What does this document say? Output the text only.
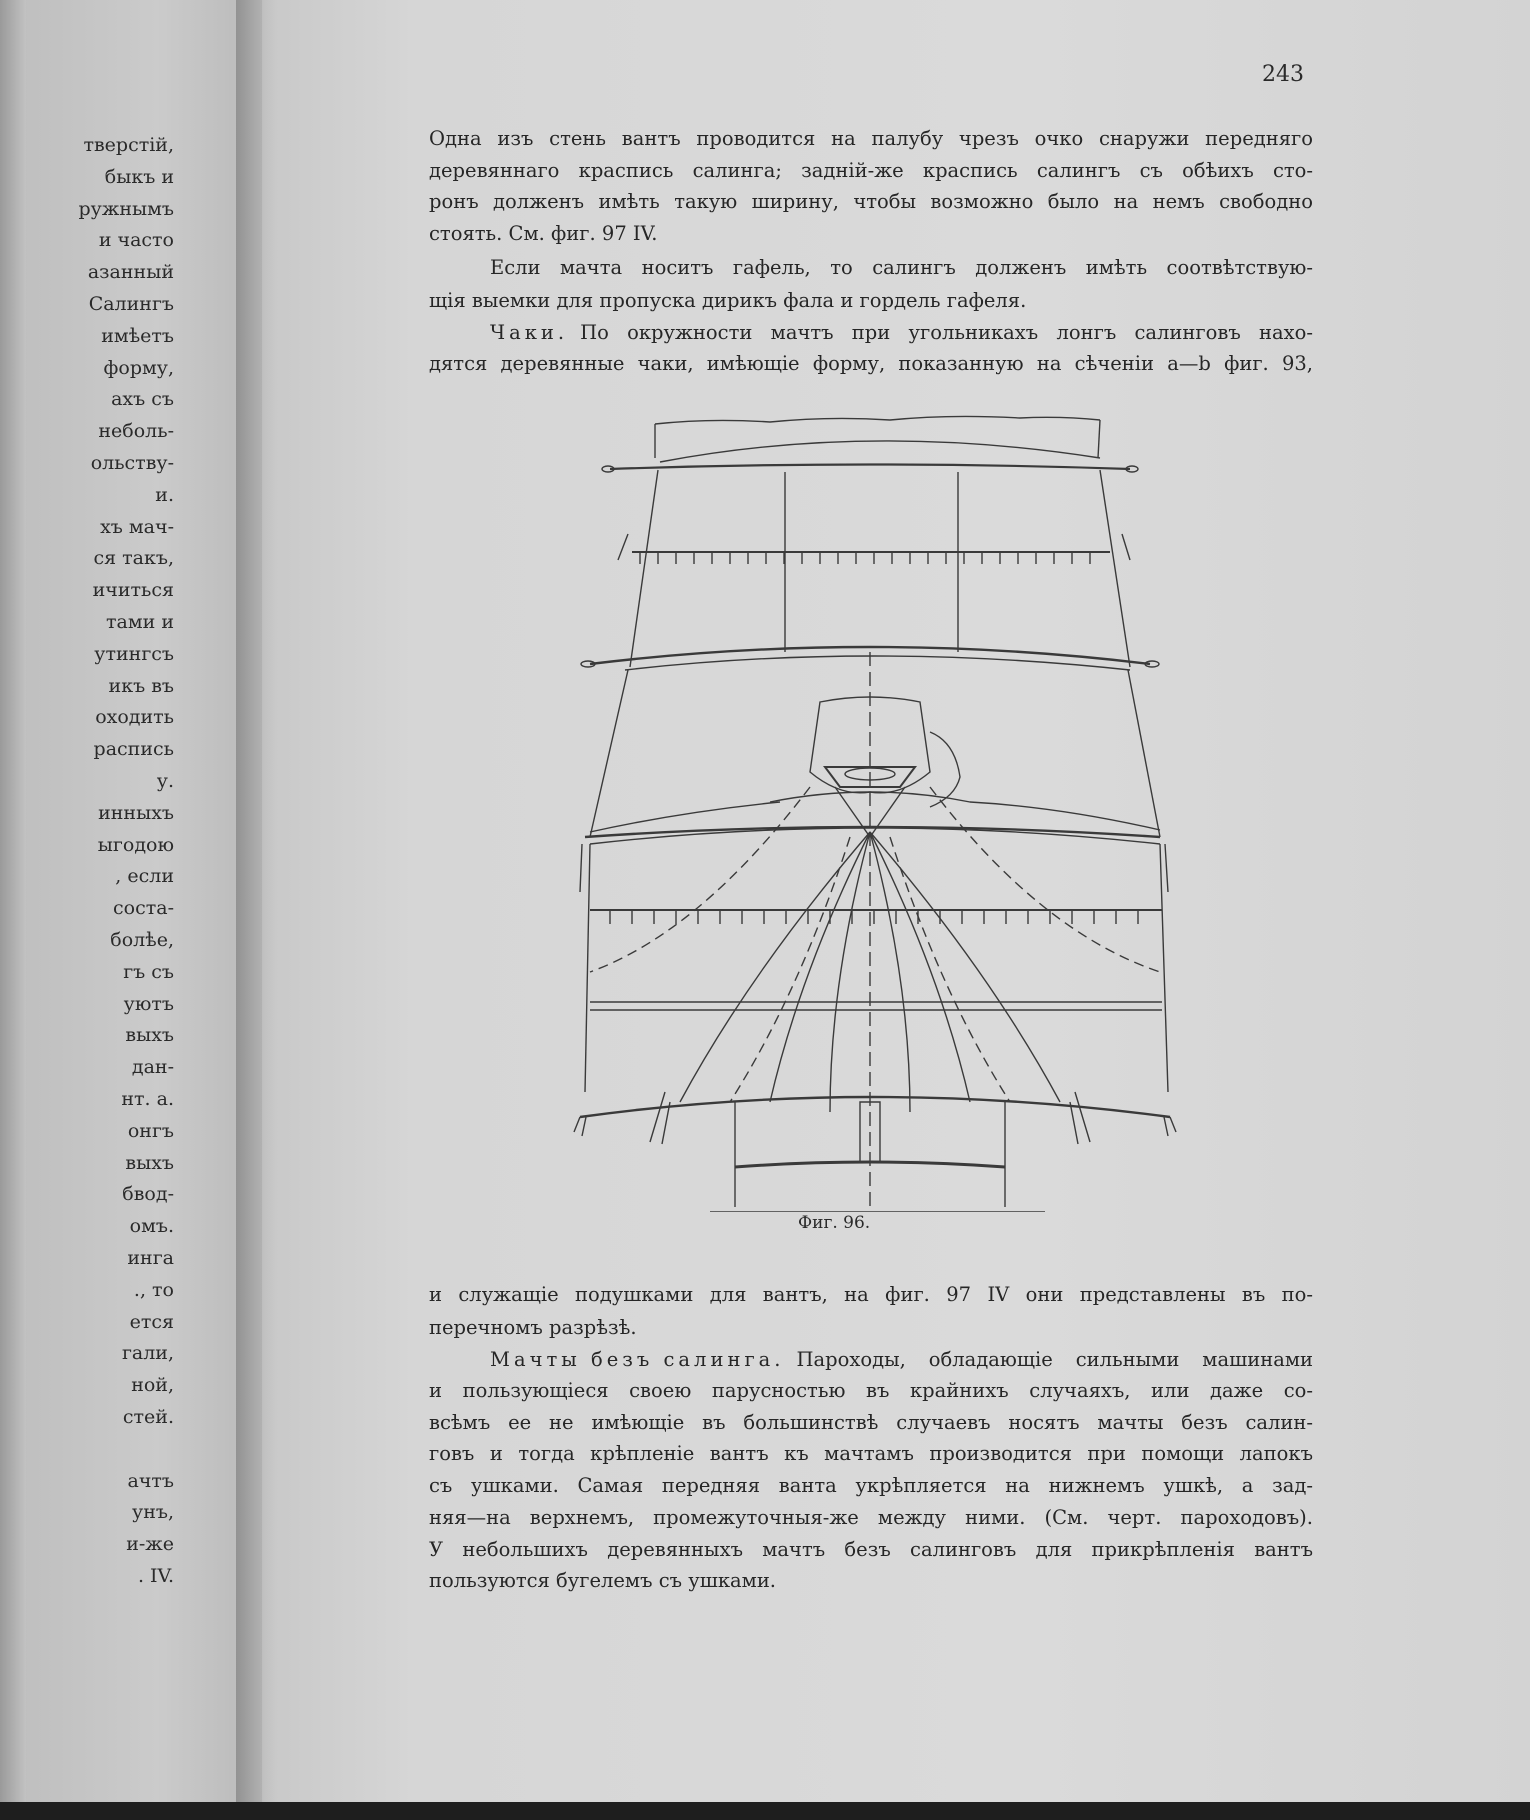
тверстій,
быкъ и
ружнымъ
и часто
азанный
Салингъ
имѣетъ
форму,
ахъ съ
неболь-
ольству-
и.
хъ мач-
ся такъ,
ичиться
тами и
утингсъ
икъ въ
оходить
распись
у.
инныхъ
ыгодою
, если
соста-
болѣе,
гъ съ
уютъ
выхъ
дан-
нт. a.
онгъ
выхъ
бвод-
омъ.
инга
., то
ется
гали,
ной,
стей.
ачтъ
унъ,
и-же
. IV.
243
Одна изъ стень вантъ проводится на палубу чрезъ очко снаружи передняго
деревяннаго краспись салинга; задній-же краспись салингъ съ обѣихъ сто-
ронъ долженъ имѣть такую ширину, чтобы возможно было на немъ свободно
стоять. См. фиг. 97 IV.
Если мачта носитъ гафель, то салингъ долженъ имѣть соотвѣтствую-
щія выемки для пропуска дирикъ фала и гордель гафеля.
Чаки. По окружности мачтъ при угольникахъ лонгъ салинговъ нахо-
дятся деревянные чаки, имѣющіе форму, показанную на сѣченіи a—b фиг. 93,
Фиг. 96.
и служащіе подушками для вантъ, на фиг. 97 IV они представлены въ по-
перечномъ разрѣзѣ.
Мачты безъ салинга. Пароходы, обладающіе сильными машинами
и пользующіеся своею парусностью въ крайнихъ случаяхъ, или даже со-
всѣмъ ее не имѣющіе въ большинствѣ случаевъ носятъ мачты безъ салин-
говъ и тогда крѣпленіе вантъ къ мачтамъ производится при помощи лапокъ
съ ушками. Самая передняя ванта укрѣпляется на нижнемъ ушкѣ, а зад-
няя—на верхнемъ, промежуточныя-же между ними. (См. черт. пароходовъ).
У небольшихъ деревянныхъ мачтъ безъ салинговъ для прикрѣпленія вантъ
пользуются бугелемъ съ ушками.
